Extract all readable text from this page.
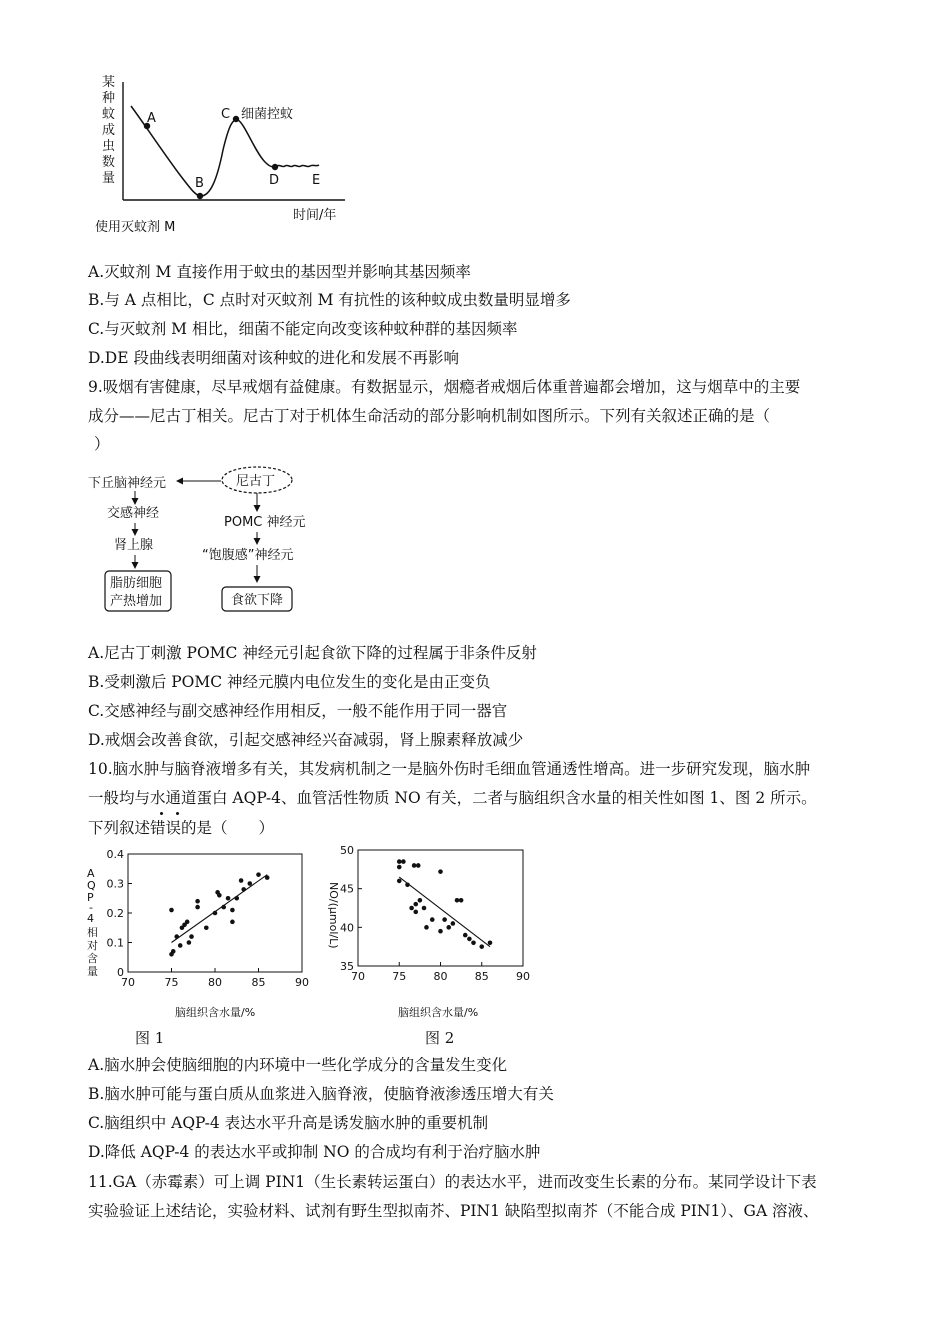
某
种
蚊
成
虫
数
量
A
B
C
D	E
细菌控蚊
时间/年
使用灭蚊剂 M
A.灭蚊剂 M 直接作用于蚊虫的基因型并影响其基因频率
B.与 A 点相比，C 点时对灭蚊剂 M 有抗性的该种蚊成虫数量明显增多
C.与灭蚊剂 M 相比，细菌不能定向改变该种蚊种群的基因频率
D.DE 段曲线表明细菌对该种蚊的进化和发展不再影响
9.吸烟有害健康，尽早戒烟有益健康。有数据显示，烟瘾者戒烟后体重普遍都会增加，这与烟草中的主要
成分——尼古丁相关。尼古丁对于机体生命活动的部分影响机制如图所示。下列有关叙述正确的是（
）
下丘脑神经元	尼古丁
交感神经
肾上腺
脂肪细胞
产热增加
POMC 神经元
“饱腹感”神经元
食欲下降
A.尼古丁刺激 POMC 神经元引起食欲下降的过程属于非条件反射
B.受刺激后 POMC 神经元膜内电位发生的变化是由正变负
C.交感神经与副交感神经作用相反，一般不能作用于同一器官
D.戒烟会改善食欲，引起交感神经兴奋减弱，肾上腺素释放减少
10.脑水肿与脑脊液增多有关，其发病机制之一是脑外伤时毛细血管通透性增高。进一步研究发现，脑水肿
一般均与水通道蛋白 AQP-4、血管活性物质 NO 有关，二者与脑组织含水量的相关性如图 1、图 2 所示。
下列叙述错误的是（　　）
A
Q
P
-
4
相
对
含
量
70	75	80	85	90
0
0.1
0.2
0.3
0.4
脑组织含水量/%
图 1
NO/(μmol/L)
70 75 80 85 90
35
40
45
50
脑组织含水量/%
图 2
A.脑水肿会使脑细胞的内环境中一些化学成分的含量发生变化
B.脑水肿可能与蛋白质从血浆进入脑脊液，使脑脊液渗透压增大有关
C.脑组织中 AQP-4 表达水平升高是诱发脑水肿的重要机制
D.降低 AQP-4 的表达水平或抑制 NO 的合成均有利于治疗脑水肿
11.GA（赤霉素）可上调 PIN1（生长素转运蛋白）的表达水平，进而改变生长素的分布。某同学设计下表
实验验证上述结论，实验材料、试剂有野生型拟南芥、PIN1 缺陷型拟南芥（不能合成 PIN1）、GA 溶液、
